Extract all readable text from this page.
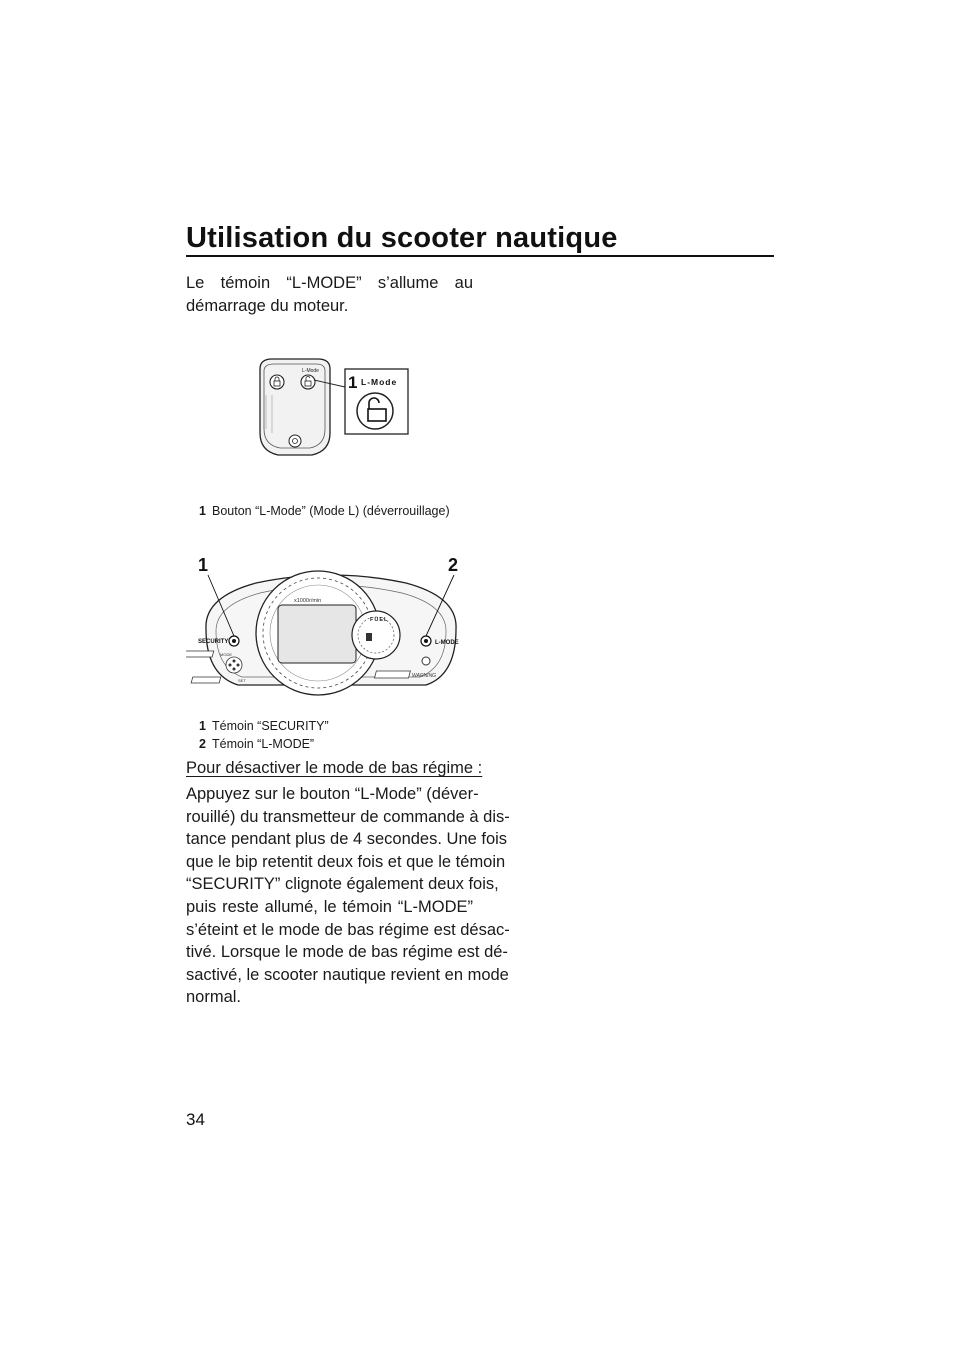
Utilisation du scooter nautique
Le témoin “L-MODE” s’allume au démarrage du moteur.
L-Mode
1 L-Mode
1 Bouton “L-Mode” (Mode L) (déverrouillage)
1	2
x1000r/min
FUEL
SECURITY	L-MODE
MODE
SET
WARNING
1 Témoin “SECURITY”
2 Témoin “L-MODE”
Pour désactiver le mode de bas régime :
Appuyez sur le bouton “L-Mode” (déver-
rouillé) du transmetteur de commande à dis-
tance pendant plus de 4 secondes. Une fois
que le bip retentit deux fois et que le témoin
“SECURITY” clignote également deux fois,
puis reste allumé, le témoin “L-MODE”
s’éteint et le mode de bas régime est désac-
tivé. Lorsque le mode de bas régime est dé-
sactivé, le scooter nautique revient en mode
normal.
34
